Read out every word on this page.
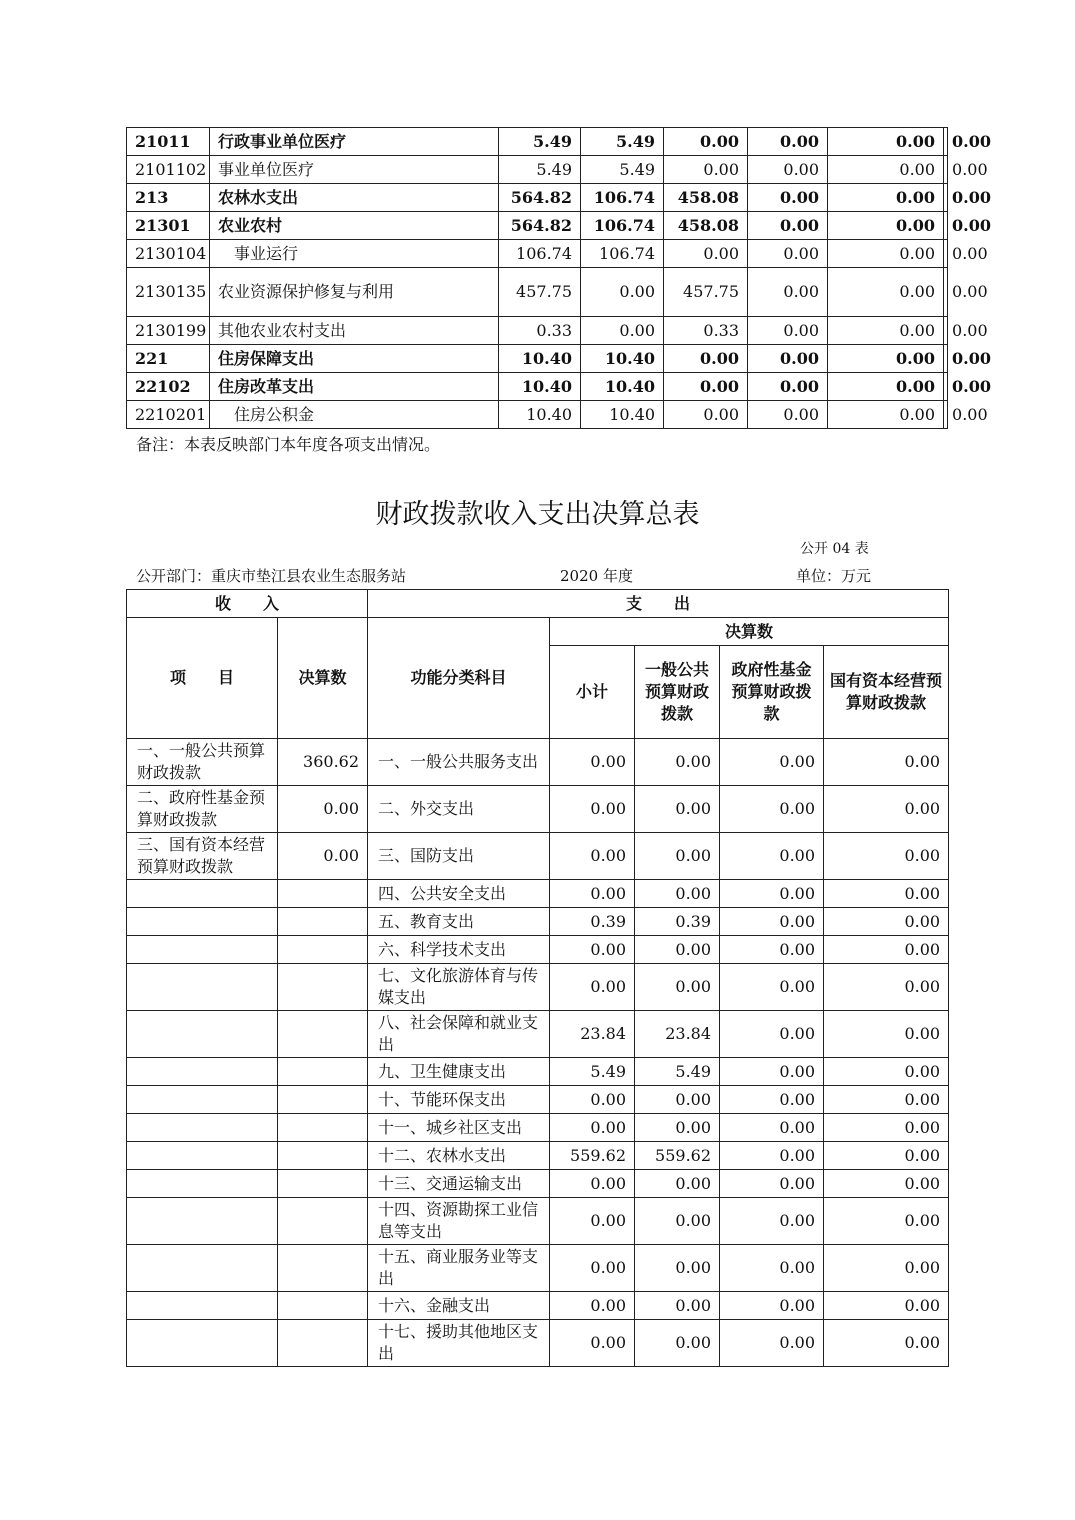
21011	行政事业单位医疗	5.49	5.49	0.00	0.00	0.00	0.00
2101102	事业单位医疗	5.49	5.49	0.00	0.00	0.00	0.00
213	农林水支出	564.82	106.74	458.08	0.00	0.00	0.00
21301	农业农村	564.82	106.74	458.08	0.00	0.00	0.00
2130104	　事业运行	106.74	106.74	0.00	0.00	0.00	0.00
2130135	农业资源保护修复与利用	457.75	0.00	457.75	0.00	0.00	0.00
2130199	其他农业农村支出	0.33	0.00	0.33	0.00	0.00	0.00
221	住房保障支出	10.40	10.40	0.00	0.00	0.00	0.00
22102	住房改革支出	10.40	10.40	0.00	0.00	0.00	0.00
2210201	　住房公积金	10.40	10.40	0.00	0.00	0.00	0.00
备注：本表反映部门本年度各项支出情况。
财政拨款收入支出决算总表
公开 04 表
公开部门：重庆市垫江县农业生态服务站	2020 年度	单位：万元
收　　入		支　　出				
项　　目	决算数	功能分类科目	决算数			
			小计	一般公共预算财政拨款	政府性基金预算财政拨款	国有资本经营预算财政拨款
一、一般公共预算财政拨款	360.62	一、一般公共服务支出	0.00	0.00	0.00	0.00
二、政府性基金预算财政拨款	0.00	二、外交支出	0.00	0.00	0.00	0.00
三、国有资本经营预算财政拨款	0.00	三、国防支出	0.00	0.00	0.00	0.00
		四、公共安全支出	0.00	0.00	0.00	0.00
		五、教育支出	0.39	0.39	0.00	0.00
		六、科学技术支出	0.00	0.00	0.00	0.00
		七、文化旅游体育与传媒支出	0.00	0.00	0.00	0.00
		八、社会保障和就业支出	23.84	23.84	0.00	0.00
		九、卫生健康支出	5.49	5.49	0.00	0.00
		十、节能环保支出	0.00	0.00	0.00	0.00
		十一、城乡社区支出	0.00	0.00	0.00	0.00
		十二、农林水支出	559.62	559.62	0.00	0.00
		十三、交通运输支出	0.00	0.00	0.00	0.00
		十四、资源勘探工业信息等支出	0.00	0.00	0.00	0.00
		十五、商业服务业等支出	0.00	0.00	0.00	0.00
		十六、金融支出	0.00	0.00	0.00	0.00
		十七、援助其他地区支出	0.00	0.00	0.00	0.00
